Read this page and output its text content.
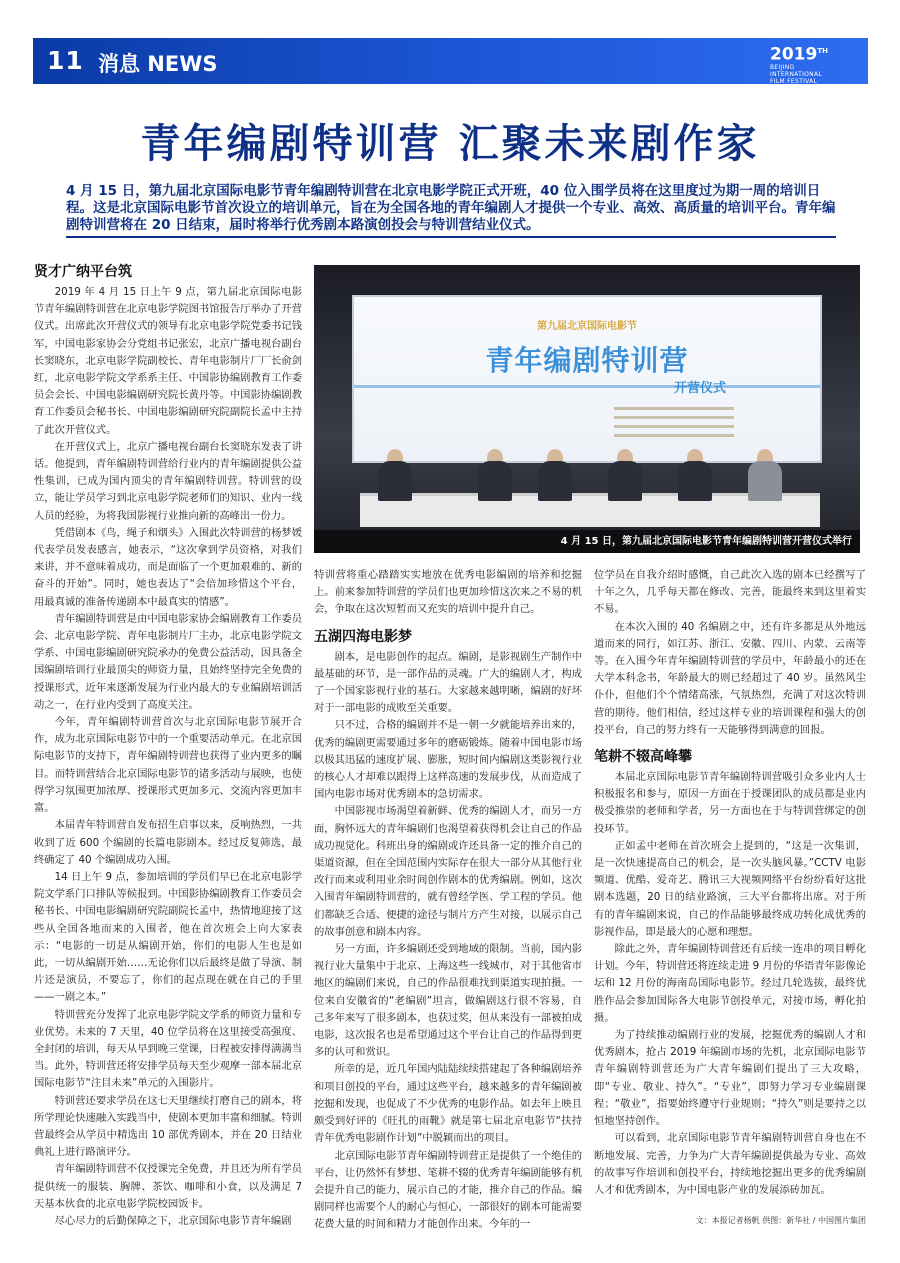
11 消息 NEWS	2019TH
BEIJING
INTERNATIONAL
FILM FESTIVAL
青年编剧特训营 汇聚未来剧作家
4 月 15 日，第九届北京国际电影节青年编剧特训营在北京电影学院正式开班，40 位入围学员将在这里度过为期一周的培训日程。这是北京国际电影节首次设立的培训单元，旨在为全国各地的青年编剧人才提供一个专业、高效、高质量的培训平台。青年编剧特训营将在 20 日结束，届时将举行优秀剧本路演创投会与特训营结业仪式。
贤才广纳平台筑

2019 年 4 月 15 日上午 9 点，第九届北京国际电影节青年编剧特训营在北京电影学院图书馆报告厅举办了开营仪式。出席此次开营仪式的领导有北京电影学院党委书记钱军，中国电影家协会分党组书记张宏，北京广播电视台副台长窦晓东，北京电影学院副校长、青年电影制片厂厂长俞剑红，北京电影学院文学系系主任、中国影协编剧教育工作委员会会长、中国电影编剧研究院长黄丹等。中国影协编剧教育工作委员会秘书长、中国电影编剧研究院副院长孟中主持了此次开营仪式。

在开营仪式上，北京广播电视台副台长窦晓东发表了讲话。他提到，青年编剧特训营给行业内的青年编剧提供公益性集训，已成为国内顶尖的青年编剧特训营。特训营的设立，能让学员学习到北京电影学院老师们的知识、业内一线人员的经验，为将我国影视行业推向新的高峰出一份力。

凭借剧本《鸟，绳子和烟头》入围此次特训营的杨梦媛代表学员发表感言，她表示，“这次拿到学员资格，对我们来讲，并不意味着成功，而是面临了一个更加艰难的、新的奋斗的开始”。同时，她也表达了“会倍加珍惜这个平台，用最真诚的准备传递剧本中最真实的情感”。

青年编剧特训营是由中国电影家协会编剧教育工作委员会、北京电影学院、青年电影制片厂主办，北京电影学院文学系、中国电影编剧研究院承办的免费公益活动，因具备全国编剧培训行业最顶尖的师资力量，且始终坚持完全免费的授课形式，近年来逐渐发展为行业内最大的专业编剧培训活动之一，在行业内受到了高度关注。

今年，青年编剧特训营首次与北京国际电影节展开合作，成为北京国际电影节中的一个重要活动单元。在北京国际电影节的支持下，青年编剧特训营也获得了业内更多的瞩目。而特训营结合北京国际电影节的诸多活动与展映，也使得学习氛围更加浓厚、授课形式更加多元、交流内容更加丰富。

本届青年特训营自发布招生启事以来，反响热烈，一共收到了近 600 个编剧的长篇电影剧本。经过反复筛选，最终确定了 40 个编剧成功入围。

14 日上午 9 点，参加培训的学员们早已在北京电影学院文学系门口排队等候报到。中国影协编剧教育工作委员会秘书长、中国电影编剧研究院副院长孟中，热情地迎接了这些从全国各地而来的入围者，他在首次班会上向大家表示：“电影的一切是从编剧开始，你们的电影人生也是如此，一切从编剧开始……无论你们以后最终是做了导演、制片还是演员，不要忘了，你们的起点现在就在自己的手里——一剧之本。”

特训营充分发挥了北京电影学院文学系的师资力量和专业优势。未来的 7 天里，40 位学员将在这里接受高强度、全封闭的培训，每天从早到晚三堂课，日程被安排得满满当当。此外，特训营还将安排学员每天至少观摩一部本届北京国际电影节“注目未来”单元的入围影片。

特训营还要求学员在这七天里继续打磨自己的剧本，将所学理论快速融入实践当中，使剧本更加丰富和细腻。特训营最终会从学员中精选出 10 部优秀剧本，并在 20 日结业典礼上进行路演评分。

青年编剧特训营不仅授课完全免费，并且还为所有学员提供统一的服装、胸牌、茶饮、咖啡和小食，以及满足 7 天基本伙食的北京电影学院校园饭卡。

尽心尽力的后勤保障之下，北京国际电影节青年编剧

第九届北京国际电影节
青年编剧特训营
开营仪式
4 月 15 日，第九届北京国际电影节青年编剧特训营开营仪式举行

特训营将重心踏踏实实地放在优秀电影编剧的培养和挖掘上。前来参加特训营的学员们也更加珍惜这次来之不易的机会，争取在这次短暂而又充实的培训中提升自己。

五湖四海电影梦

剧本，是电影创作的起点。编剧，是影视剧生产制作中最基础的环节，是一部作品的灵魂。广大的编剧人才，构成了一个国家影视行业的基石。大家越来越明晰，编剧的好坏对于一部电影的成败至关重要。

只不过，合格的编剧并不是一朝一夕就能培养出来的，优秀的编剧更需要通过多年的磨砺锻炼。随着中国电影市场以极其迅猛的速度扩展、膨胀，短时间内编剧这类影视行业的核心人才却难以跟得上这样高速的发展步伐，从而造成了国内电影市场对优秀剧本的急切需求。

中国影视市场渴望着新鲜、优秀的编剧人才，而另一方面，胸怀远大的青年编剧们也渴望着获得机会让自己的作品成功视觉化。科班出身的编剧或许还具备一定的推介自己的渠道资源，但在全国范围内实际存在很大一部分从其他行业改行而来或利用业余时间创作剧本的优秀编剧。例如，这次入围青年编剧特训营的，就有曾经学医、学工程的学员。他们都缺乏合适、便捷的途径与制片方产生对接，以展示自己的故事创意和剧本内容。

另一方面，许多编剧还受到地域的限制。当前，国内影视行业大量集中于北京、上海这些一线城市，对于其他省市地区的编剧们来说，自己的作品很难找到渠道实现拍摄。一位来自安徽省的“老编剧”坦言，做编剧这行很不容易，自己多年来写了很多剧本，也获过奖，但从来没有一部被拍成电影，这次报名也是希望通过这个平台让自己的作品得到更多的认可和赏识。

所幸的是，近几年国内陆陆续续搭建起了各种编剧培养和项目创投的平台，通过这些平台，越来越多的青年编剧被挖掘和发现，也促成了不少优秀的电影作品。如去年上映且颇受到好评的《旺扎的雨靴》就是第七届北京电影节“扶持青年优秀电影剧作计划”中脱颖而出的项目。

北京国际电影节青年编剧特训营正是提供了一个绝佳的平台，让仍然怀有梦想、笔耕不辍的优秀青年编剧能够有机会提升自己的能力，展示自己的才能，推介自己的作品。编剧同样也需要个人的耐心与恒心，一部很好的剧本可能需要花费大量的时间和精力才能创作出来。今年的一

位学员在自我介绍时感慨，自己此次入选的剧本已经撰写了十年之久，几乎每天都在修改、完善，能最终来到这里着实不易。

在本次入围的 40 名编剧之中，还有许多都是从外地远道而来的同行，如江苏、浙江、安徽、四川、内蒙、云南等等。在入围今年青年编剧特训营的学员中，年龄最小的还在大学本科念书，年龄最大的则已经超过了 40 岁。虽然风尘仆仆，但他们个个情绪高涨，气氛热烈，充满了对这次特训营的期待。他们相信，经过这样专业的培训课程和强大的创投平台，自己的努力终有一天能够得到满意的回报。

笔耕不辍高峰攀

本届北京国际电影节青年编剧特训营吸引众多业内人士积极报名和参与，原因一方面在于授课团队的成员都是业内极受推崇的老师和学者，另一方面也在于与特训营绑定的创投环节。

正如孟中老师在首次班会上提到的，“这是一次集训，是一次快速提高自己的机会，是一次头脑风暴。”CCTV 电影频道、优酷、爱奇艺、腾讯三大视频网络平台纷纷看好这批剧本选题，20 日的结业路演，三大平台都将出席。对于所有的青年编剧来说，自己的作品能够最终成功转化成优秀的影视作品，即是最大的心愿和理想。

除此之外，青年编剧特训营还有后续一连串的项目孵化计划。今年，特训营还将连续走进 9 月份的华语青年影像论坛和 12 月份的海南岛国际电影节。经过几轮选拔，最终优胜作品会参加国际各大电影节创投单元，对接市场，孵化拍摄。

为了持续推动编剧行业的发展，挖掘优秀的编剧人才和优秀剧本，抢占 2019 年编剧市场的先机，北京国际电影节青年编剧特训营还为广大青年编剧们提出了三大攻略，即“专业、敬业、持久”。“专业”，即努力学习专业编剧课程；“敬业”，指要始终遵守行业规则；“持久”则是要持之以恒地坚持创作。

可以看到，北京国际电影节青年编剧特训营自身也在不断地发展、完善，力争为广大青年编剧提供最为专业、高效的故事写作培训和创投平台，持续地挖掘出更多的优秀编剧人才和优秀剧本，为中国电影产业的发展添砖加瓦。

文：本报记者杨帆 供图：新华社 / 中国图片集团
